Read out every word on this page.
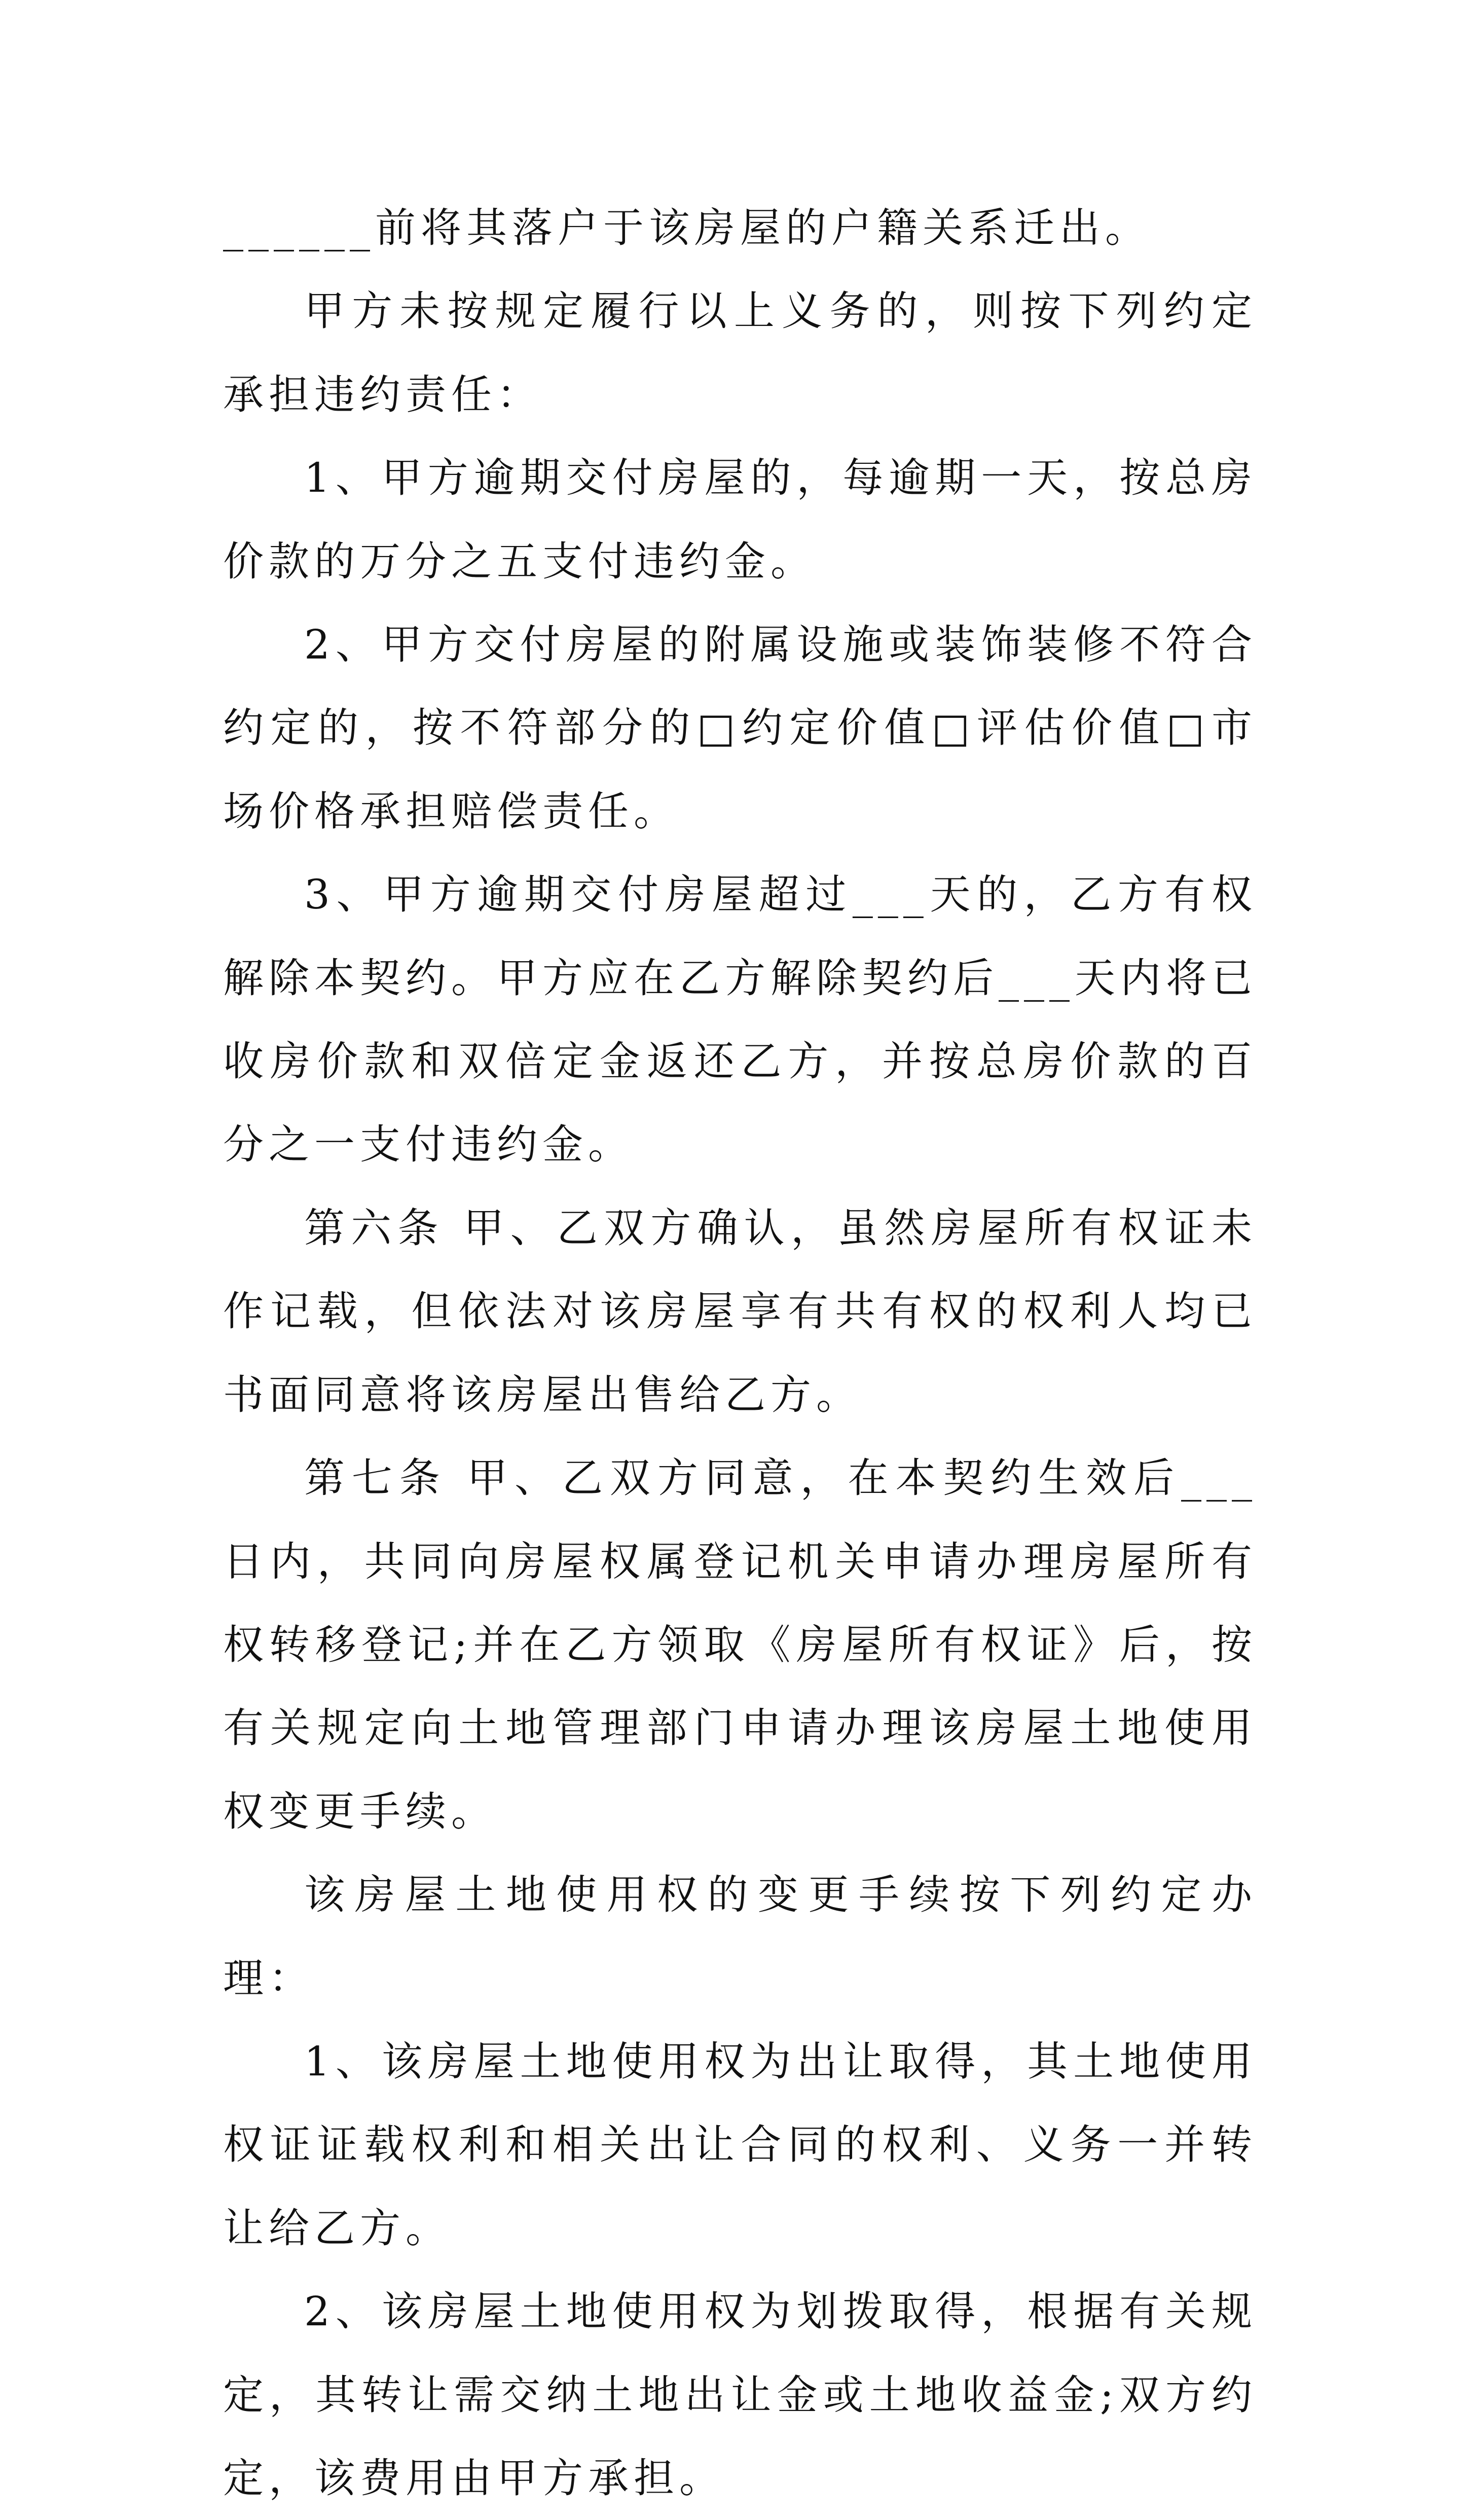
______前将其落户于该房屋的户籍关系迁出。

甲方未按规定履行以上义务的，则按下列约定承担违约责任：

1、甲方逾期交付房屋的，每逾期一天，按总房价款的万分之五支付违约金。

2、甲方交付房屋的附属设施或装饰装修不符合约定的，按不符部分的□约定价值□评估价值□市场价格承担赔偿责任。

3、甲方逾期交付房屋超过___天的，乙方有权解除本契约。甲方应在乙方解除契约后___天内将已收房价款和双倍定金返还乙方，并按总房价款的百分之一支付违约金。

第六条 甲、乙双方确认，虽然房屋所有权证未作记载，但依法对该房屋享有共有权的权利人均已书面同意将该房屋出售给乙方。

第七条 甲、乙双方同意，在本契约生效后___日内，共同向房屋权属登记机关申请办理房屋所有权转移登记;并在乙方领取《房屋所有权证》后，按有关规定向土地管理部门申请办理该房屋土地使用权变更手续。

该房屋土地使用权的变更手续按下列约定办理：

1、该房屋土地使用权为出让取得，其土地使用权证证载权利和相关出让合同的权利、义务一并转让给乙方。

2、该房屋土地使用权为划拨取得，根据有关规定，其转让需交纳土地出让金或土地收益金;双方约定，该费用由甲方承担。
